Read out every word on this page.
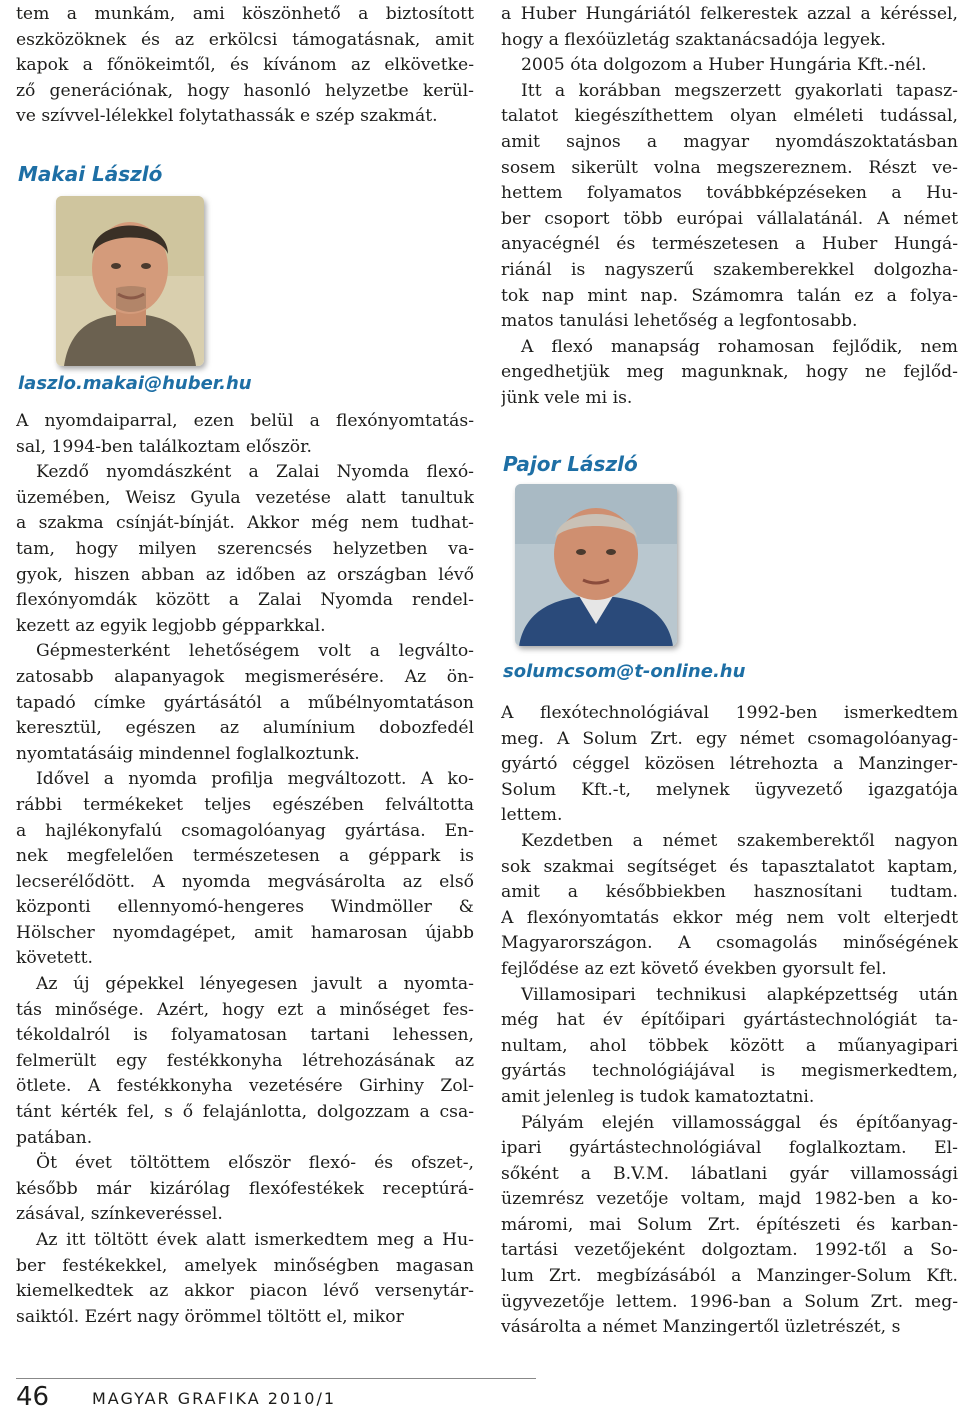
tem a munkám, ami köszönhető a biztosított
eszközöknek és az erkölcsi támogatásnak, amit
kapok a főnökeimtől, és kívánom az elkövetke-
ző generációnak, hogy hasonló helyzetbe kerül-
ve szívvel-lélekkel folytathassák e szép szakmát.
Makai László
laszlo.makai@huber.hu
A nyomdaiparral, ezen belül a flexónyomtatás-
sal, 1994-ben találkoztam először.
Kezdő nyomdászként a Zalai Nyomda flexó-
üzemében, Weisz Gyula vezetése alatt tanultuk
a szakma csínját-bínját. Akkor még nem tudhat-
tam, hogy milyen szerencsés helyzetben va-
gyok, hiszen abban az időben az országban lévő
flexónyomdák között a Zalai Nyomda rendel-
kezett az egyik legjobb gépparkkal.
Gépmesterként lehetőségem volt a legváltо-
zatosabb alapanyagok megismerésére. Az ön-
tapadó címke gyártásától a műbélnyomtatáson
keresztül, egészen az alumínium dobozfedél
nyomtatásáig mindennel foglalkoztunk.
Idővel a nyomda profilja megváltozott. A ko-
rábbi termékeket teljes egészében felváltotta
a hajlékonyfalú csomagolóanyag gyártása. En-
nek megfelelően természetesen a géppark is
lecserélődött. A nyomda megvásárolta az első
központi ellennyomó-hengeres Windmöller &
Hölscher nyomdagépet, amit hamarosan újabb
követett.
Az új gépekkel lényegesen javult a nyomta-
tás minősége. Azért, hogy ezt a minőséget fes-
tékoldalról is folyamatosan tartani lehessen,
felmerült egy festékkonyha létrehozásának az
ötlete. A festékkonyha vezetésére Girhiny Zol-
tánt kérték fel, s ő felajánlotta, dolgozzam a csa-
patában.
Öt évet töltöttem először flexó- és ofszet-,
később már kizárólag flexófestékek receptúrá-
zásával, színkeveréssel.
Az itt töltött évek alatt ismerkedtem meg a Hu-
ber festékekkel, amelyek minőségben magasan
kiemelkedtek az akkor piacon lévő versenytár-
saiktól. Ezért nagy örömmel töltött el, mikor
a Huber Hungáriától felkerestek azzal a kéréssel,
hogy a flexóüzletág szaktanácsadója legyek.
2005 óta dolgozom a Huber Hungária Kft.-nél.
Itt a korábban megszerzett gyakorlati tapasz-
talatot kiegészíthettem olyan elméleti tudással,
amit sajnos a magyar nyomdászoktatásban
sosem sikerült volna megszereznem. Részt ve-
hettem folyamatos továbbképzéseken a Hu-
ber csoport több európai vállalatánál. A német
anyacégnél és természetesen a Huber Hungá-
riánál is nagyszerű szakemberekkel dolgozha-
tok nap mint nap. Számomra talán ez a folya-
matos tanulási lehetőség a legfontosabb.
A flexó manapság rohamosan fejlődik, nem
engedhetjük meg magunknak, hogy ne fejlőd-
jünk vele mi is.
Pajor László
solumcsom@t-online.hu
A flexótechnológiával 1992-ben ismerkedtem
meg. A Solum Zrt. egy német csomagolóanyag-
gyártó céggel közösen létrehozta a Manzinger-
Solum Kft.-t, melynek ügyvezető igazgatója
lettem.
Kezdetben a német szakemberektől nagyon
sok szakmai segítséget és tapasztalatot kaptam,
amit a későbbiekben hasznosítani tudtam.
A flexónyomtatás ekkor még nem volt elterjedt
Magyarországon. A csomagolás minőségének
fejlődése az ezt követő években gyorsult fel.
Villamosipari technikusi alapképzettség után
még hat év építőipari gyártástechnológiát ta-
nultam, ahol többek között a műanyagipari
gyártás technológiájával is megismerkedtem,
amit jelenleg is tudok kamatoztatni.
Pályám elején villamossággal és építőanyag-
ipari gyártástechnológiával foglalkoztam. El-
sőként a B.V.M. lábatlani gyár villamossági
üzemrész vezetője voltam, majd 1982-ben a ko-
máromi, mai Solum Zrt. építészeti és karban-
tartási vezetőjeként dolgoztam. 1992-től a So-
lum Zrt. megbízásából a Manzinger-Solum Kft.
ügyvezetője lettem. 1996-ban a Solum Zrt. meg-
vásárolta a német Manzingertől üzletrészét, s
46	MAGYAR GRAFIKA 2010/1
